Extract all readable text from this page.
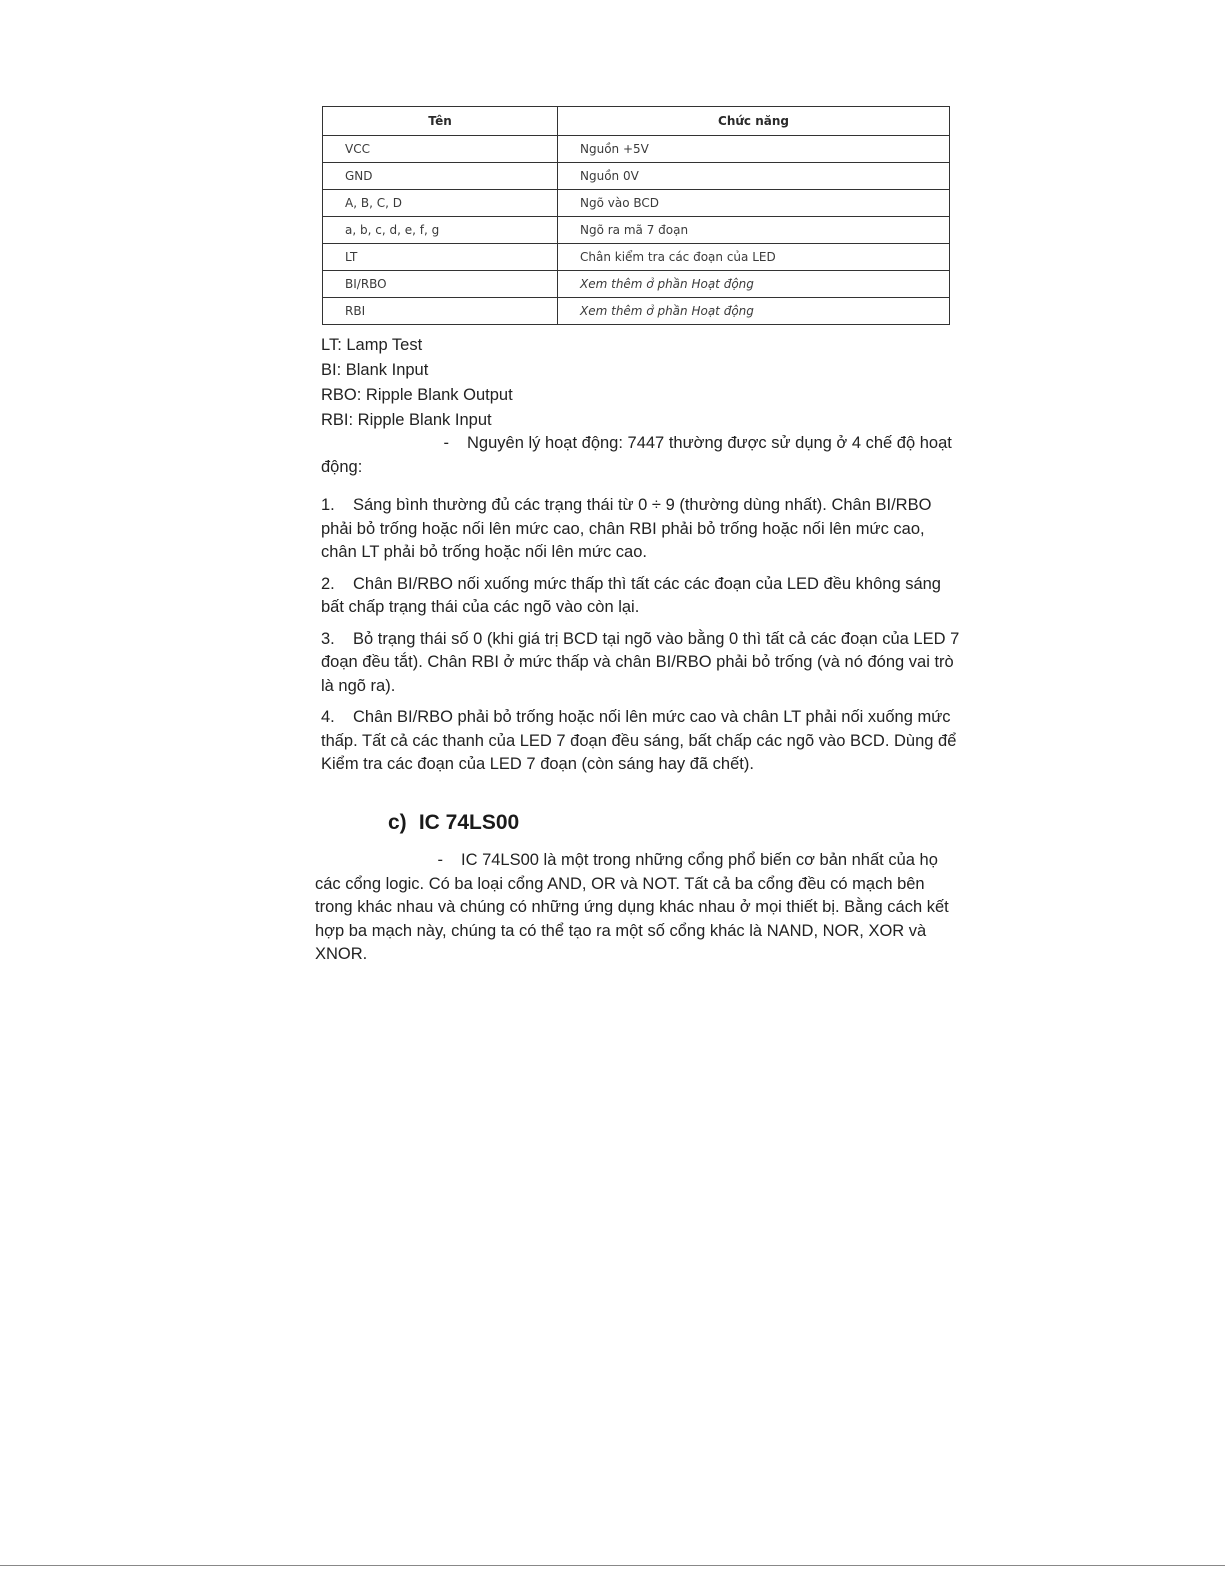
Tên	Chức năng
VCC	Nguồn +5V
GND	Nguồn 0V
A, B, C, D	Ngõ vào BCD
a, b, c, d, e, f, g	Ngõ ra mã 7 đoạn
LT	Chân kiểm tra các đoạn của LED
BI/RBO	Xem thêm ở phần Hoạt động
RBI	Xem thêm ở phần Hoạt động
LT: Lamp Test
BI: Blank Input
RBO: Ripple Blank Output
RBI: Ripple Blank Input
- Nguyên lý hoạt động: 7447 thường được sử dụng ở 4 chế độ hoạt động:
1. Sáng bình thường đủ các trạng thái từ 0 ÷ 9 (thường dùng nhất). Chân BI/RBO phải bỏ trống hoặc nối lên mức cao, chân RBI phải bỏ trống hoặc nối lên mức cao, chân LT phải bỏ trống hoặc nối lên mức cao.
2. Chân BI/RBO nối xuống mức thấp thì tất các các đoạn của LED đều không sáng bất chấp trạng thái của các ngõ vào còn lại.
3. Bỏ trạng thái số 0 (khi giá trị BCD tại ngõ vào bằng 0 thì tất cả các đoạn của LED 7 đoạn đều tắt). Chân RBI ở mức thấp và chân BI/RBO phải bỏ trống (và nó đóng vai trò là ngõ ra).
4. Chân BI/RBO phải bỏ trống hoặc nối lên mức cao và chân LT phải nối xuống mức thấp. Tất cả các thanh của LED 7 đoạn đều sáng, bất chấp các ngõ vào BCD. Dùng để Kiểm tra các đoạn của LED 7 đoạn (còn sáng hay đã chết).
c) IC 74LS00
- IC 74LS00 là một trong những cổng phổ biến cơ bản nhất của họ các cổng logic. Có ba loại cổng AND, OR và NOT. Tất cả ba cổng đều có mạch bên trong khác nhau và chúng có những ứng dụng khác nhau ở mọi thiết bị. Bằng cách kết hợp ba mạch này, chúng ta có thể tạo ra một số cổng khác là NAND, NOR, XOR và XNOR.
